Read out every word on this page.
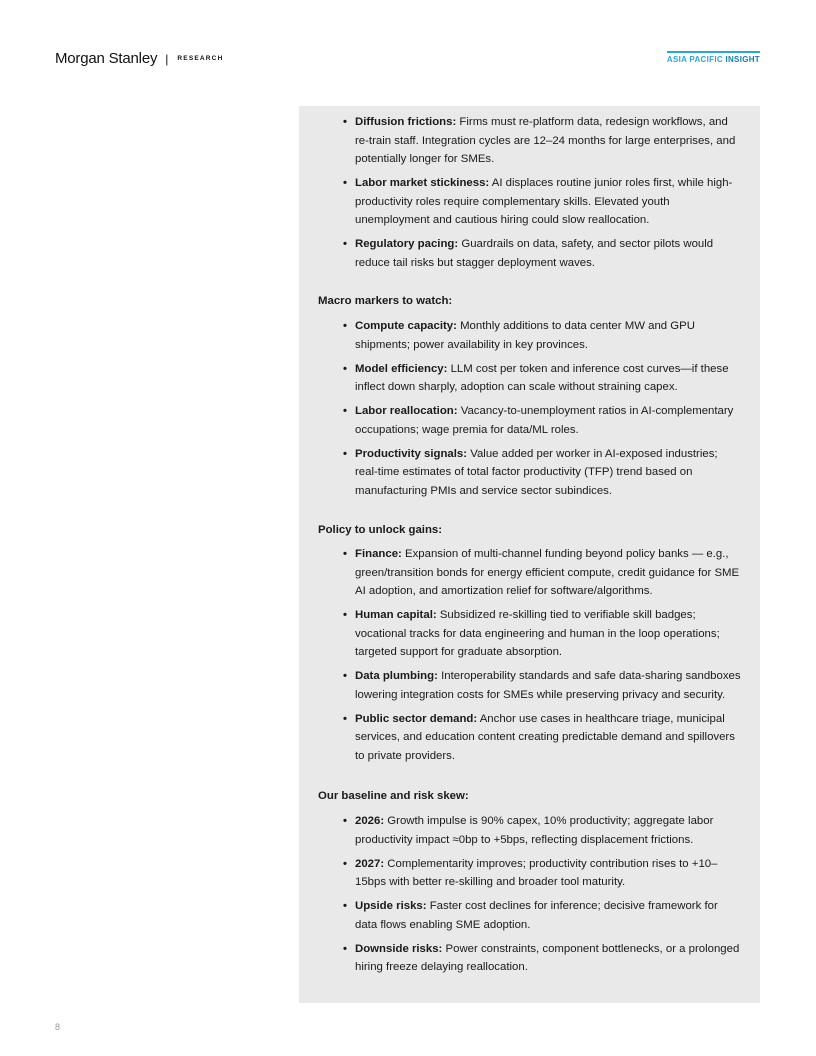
Morgan Stanley | RESEARCH	ASIA PACIFIC INSIGHT
• Diffusion frictions: Firms must re-platform data, redesign workflows, and re-train staff. Integration cycles are 12–24 months for large enterprises, and potentially longer for SMEs.
• Labor market stickiness: AI displaces routine junior roles first, while high-productivity roles require complementary skills. Elevated youth unemployment and cautious hiring could slow reallocation.
• Regulatory pacing: Guardrails on data, safety, and sector pilots would reduce tail risks but stagger deployment waves.
Macro markers to watch:
• Compute capacity: Monthly additions to data center MW and GPU shipments; power availability in key provinces.
• Model efficiency: LLM cost per token and inference cost curves—if these inflect down sharply, adoption can scale without straining capex.
• Labor reallocation: Vacancy-to-unemployment ratios in AI-complementary occupations; wage premia for data/ML roles.
• Productivity signals: Value added per worker in AI-exposed industries; real-time estimates of total factor productivity (TFP) trend based on manufacturing PMIs and service sector subindices.
Policy to unlock gains:
• Finance: Expansion of multi-channel funding beyond policy banks — e.g., green/transition bonds for energy efficient compute, credit guidance for SME AI adoption, and amortization relief for software/algorithms.
• Human capital: Subsidized re-skilling tied to verifiable skill badges; vocational tracks for data engineering and human in the loop operations; targeted support for graduate absorption.
• Data plumbing: Interoperability standards and safe data-sharing sandboxes lowering integration costs for SMEs while preserving privacy and security.
• Public sector demand: Anchor use cases in healthcare triage, municipal services, and education content creating predictable demand and spillovers to private providers.
Our baseline and risk skew:
• 2026: Growth impulse is 90% capex, 10% productivity; aggregate labor productivity impact ≈0bp to +5bps, reflecting displacement frictions.
• 2027: Complementarity improves; productivity contribution rises to +10–15bps with better re-skilling and broader tool maturity.
• Upside risks: Faster cost declines for inference; decisive framework for data flows enabling SME adoption.
• Downside risks: Power constraints, component bottlenecks, or a prolonged hiring freeze delaying reallocation.
8
